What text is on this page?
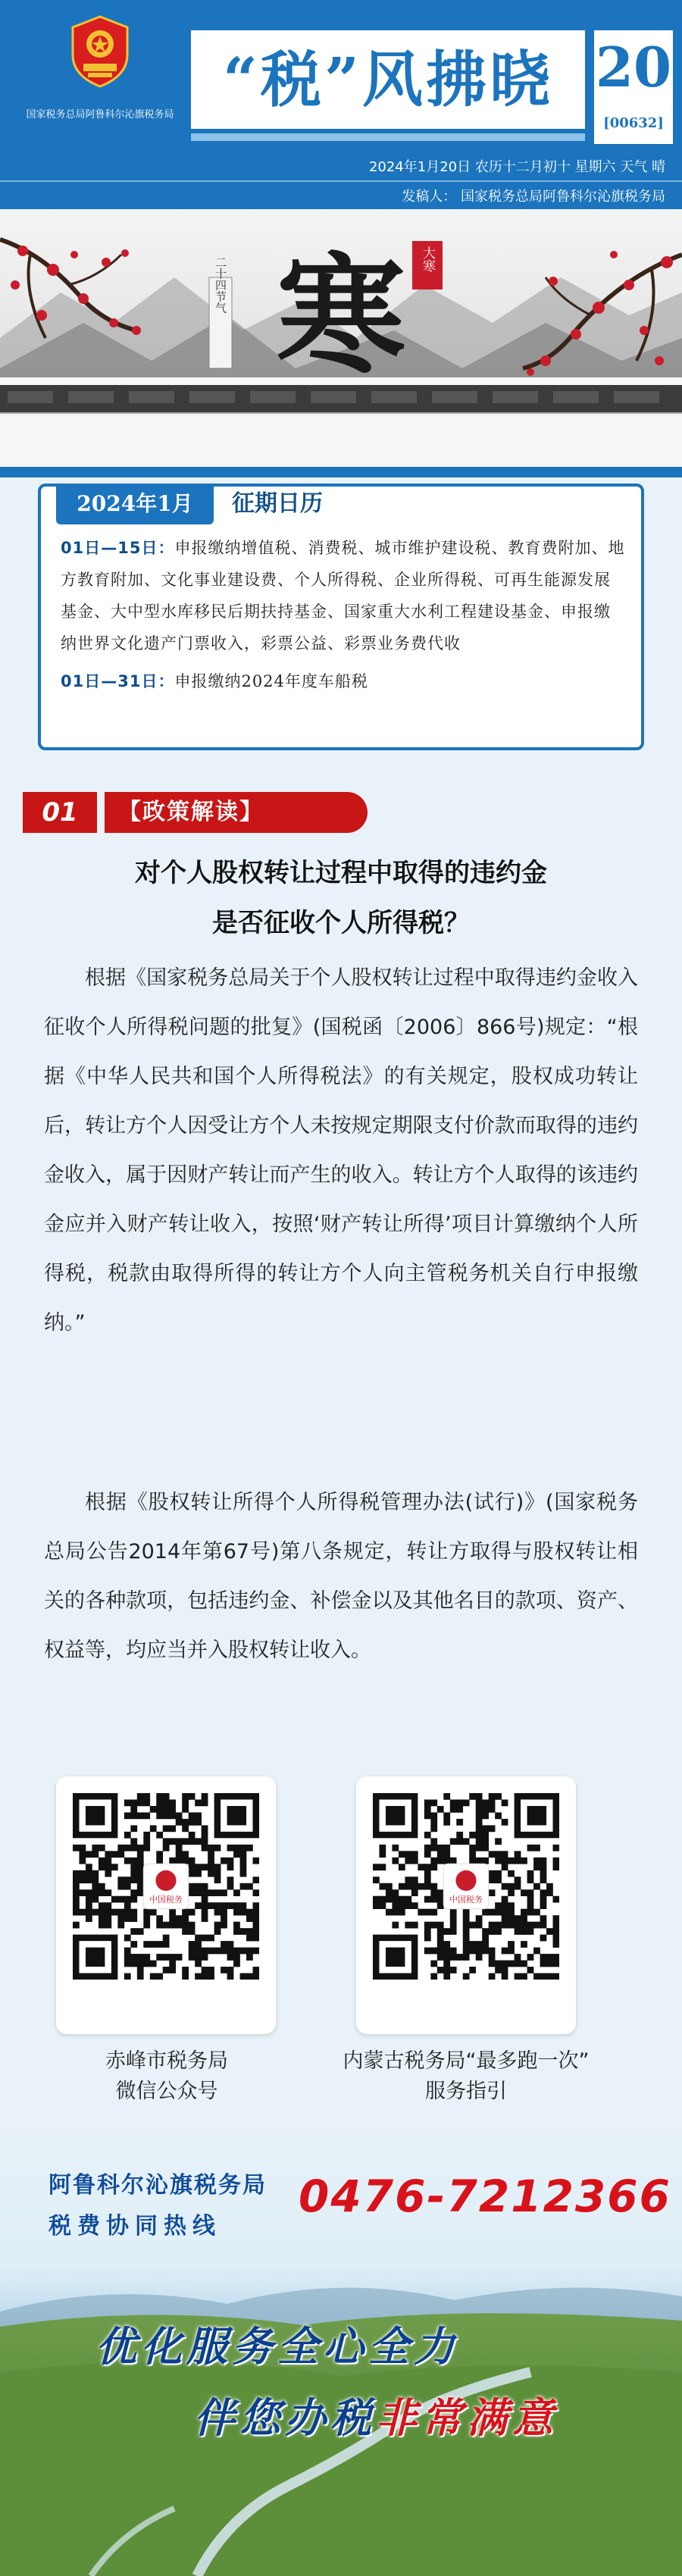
国家税务总局阿鲁科尔沁旗税务局 “税”风拂晓 20
[00632]
2024年1月20日 农历十二月初十 星期六 天气 晴
发稿人： 国家税务总局阿鲁科尔沁旗税务局
寒 大寒
二十四节气
2024年1月	征期日历

01日—15日：申报缴纳增值税、消费税、城市维护建设税、教育费附加、地方教育附加、文化事业建设费、个人所得税、企业所得税、可再生能源发展基金、大中型水库移民后期扶持基金、国家重大水利工程建设基金、申报缴纳世界文化遗产门票收入，彩票公益、彩票业务费代收

01日—31日：申报缴纳2024年度车船税

01	【政策解读】
对个人股权转让过程中取得的违约金
是否征收个人所得税？

根据《国家税务总局关于个人股权转让过程中取得违约金收入征收个人所得税问题的批复》(国税函〔2006〕866号)规定：“根据《中华人民共和国个人所得税法》的有关规定，股权成功转让后，转让方个人因受让方个人未按规定期限支付价款而取得的违约金收入，属于因财产转让而产生的收入。转让方个人取得的该违约金应并入财产转让收入，按照‘财产转让所得’项目计算缴纳个人所得税，税款由取得所得的转让方个人向主管税务机关自行申报缴纳。”

根据《股权转让所得个人所得税管理办法(试行)》(国家税务总局公告2014年第67号)第八条规定，转让方取得与股权转让相关的各种款项，包括违约金、补偿金以及其他名目的款项、资产、权益等，均应当并入股权转让收入。

中国税务	中国税务
赤峰市税务局
微信公众号
内蒙古税务局“最多跑一次”
服务指引
阿鲁科尔沁旗税务局
税费协同热线
0476-7212366
优化服务全心全力
伴您办税非常满意
